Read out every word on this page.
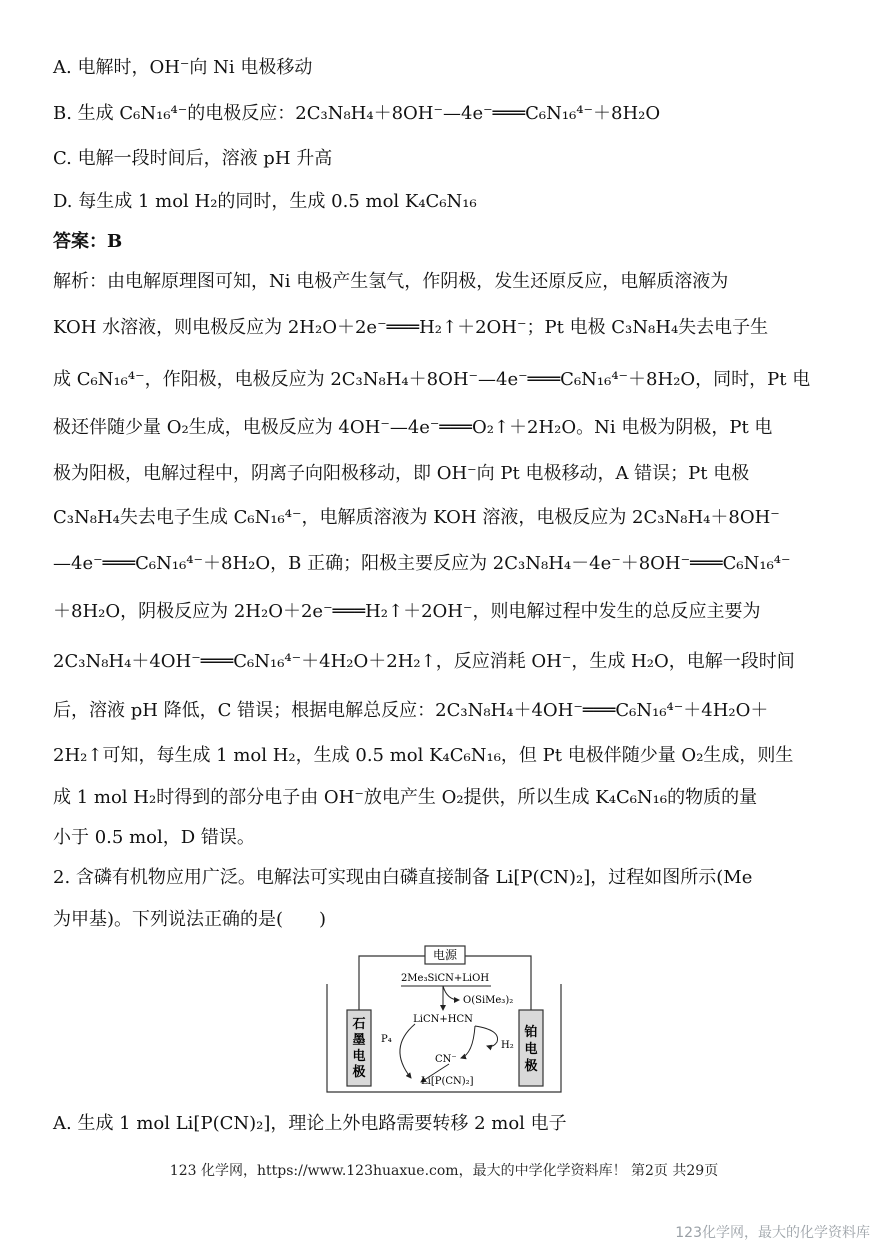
A. 电解时，OH⁻向 Ni 电极移动
B. 生成 C₆N₁₆⁴⁻的电极反应：2C₃N₈H₄＋8OH⁻—4e⁻═══C₆N₁₆⁴⁻＋8H₂O
C. 电解一段时间后，溶液 pH 升高
D. 每生成 1 mol H₂的同时，生成 0.5 mol K₄C₆N₁₆
答案：B
解析：由电解原理图可知，Ni 电极产生氢气，作阴极，发生还原反应，电解质溶液为
KOH 水溶液，则电极反应为 2H₂O＋2e⁻═══H₂↑＋2OH⁻；Pt 电极 C₃N₈H₄失去电子生
成 C₆N₁₆⁴⁻，作阳极，电极反应为 2C₃N₈H₄＋8OH⁻—4e⁻═══C₆N₁₆⁴⁻＋8H₂O，同时，Pt 电
极还伴随少量 O₂生成，电极反应为 4OH⁻—4e⁻═══O₂↑＋2H₂O。Ni 电极为阴极，Pt 电
极为阳极，电解过程中，阴离子向阳极移动，即 OH⁻向 Pt 电极移动，A 错误；Pt 电极
C₃N₈H₄失去电子生成 C₆N₁₆⁴⁻，电解质溶液为 KOH 溶液，电极反应为 2C₃N₈H₄＋8OH⁻
—4e⁻═══C₆N₁₆⁴⁻＋8H₂O，B 正确；阳极主要反应为 2C₃N₈H₄－4e⁻＋8OH⁻═══C₆N₁₆⁴⁻
＋8H₂O，阴极反应为 2H₂O＋2e⁻═══H₂↑＋2OH⁻，则电解过程中发生的总反应主要为
2C₃N₈H₄＋4OH⁻═══C₆N₁₆⁴⁻＋4H₂O＋2H₂↑，反应消耗 OH⁻，生成 H₂O，电解一段时间
后，溶液 pH 降低，C 错误；根据电解总反应：2C₃N₈H₄＋4OH⁻═══C₆N₁₆⁴⁻＋4H₂O＋
2H₂↑可知，每生成 1 mol H₂，生成 0.5 mol K₄C₆N₁₆，但 Pt 电极伴随少量 O₂生成，则生
成 1 mol H₂时得到的部分电子由 OH⁻放电产生 O₂提供，所以生成 K₄C₆N₁₆的物质的量
小于 0.5 mol，D 错误。
2. 含磷有机物应用广泛。电解法可实现由白磷直接制备 Li[P(CN)₂]，过程如图所示(Me
为甲基)。下列说法正确的是(　　)
电源
石
墨
电
极
铂
电
极
2Me₃SiCN+LiOH
O(SiMe₃)₂
LiCN+HCN
P₄
CN⁻
H₂
Li[P(CN)₂]
A. 生成 1 mol Li[P(CN)₂]，理论上外电路需要转移 2 mol 电子
123 化学网，https://www.123huaxue.com，最大的中学化学资料库！ 第2页 共29页
123化学网，最大的化学资料库
